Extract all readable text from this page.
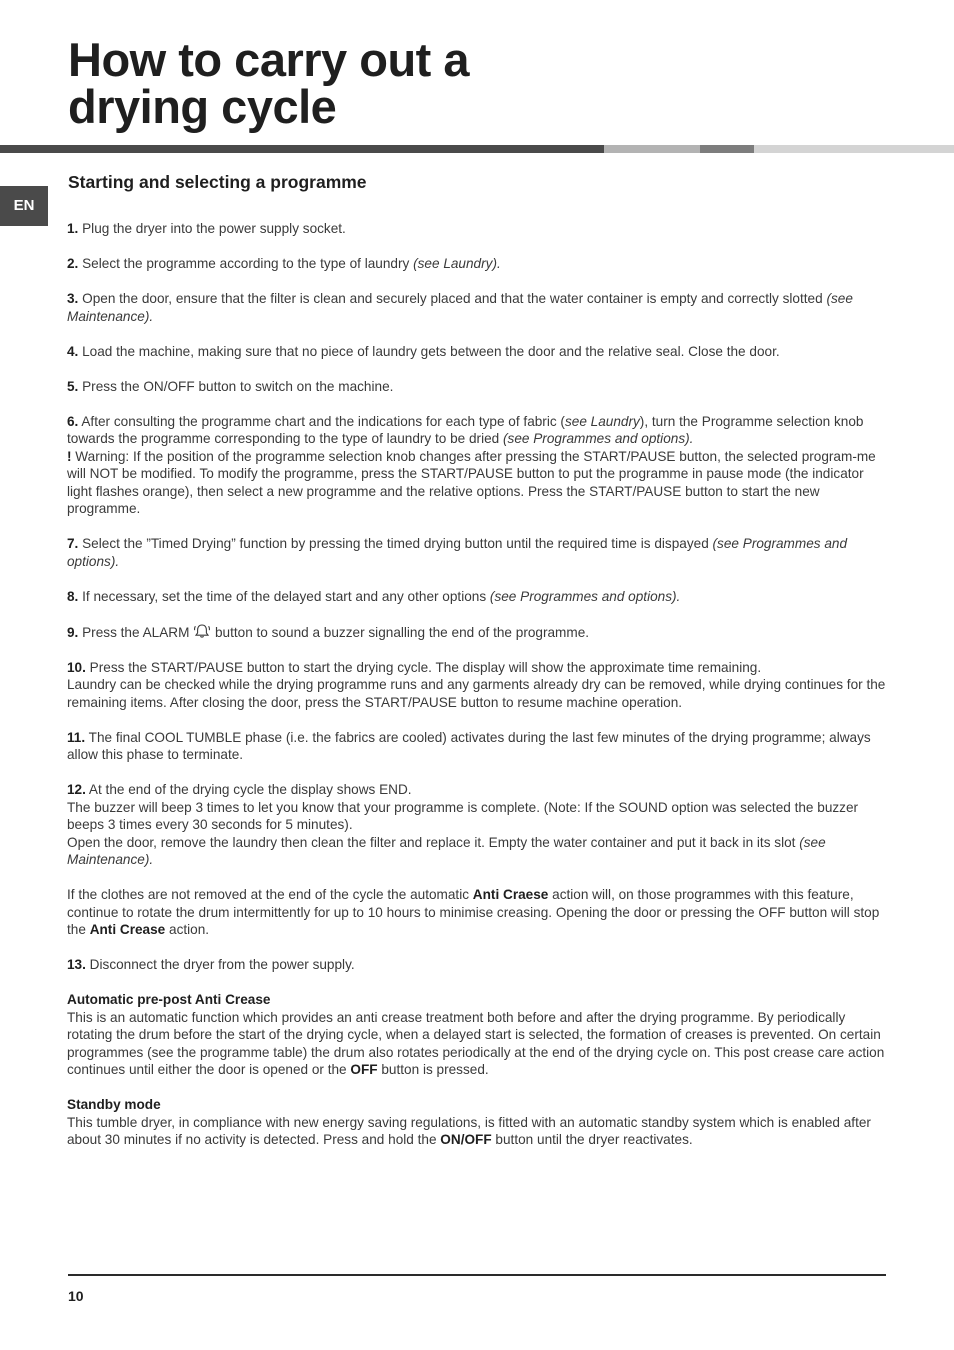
How to carry out a
drying cycle
EN
Starting and selecting a programme

1. Plug the dryer into the power supply socket.

2. Select the programme according to the type of laundry (see Laundry).

3. Open the door, ensure that the filter is clean and securely placed and that the water container is empty and correctly slotted (see Maintenance).

4. Load the machine, making sure that no piece of laundry gets between the door and the relative seal. Close the door.

5. Press the ON/OFF button to switch on the machine.

6. After consulting the programme chart and the indications for each type of fabric (see Laundry), turn the Programme selection knob towards the programme corresponding to the type of laundry to be dried (see Programmes and options).
! Warning: If the position of the programme selection knob changes after pressing the START/PAUSE button, the selected program-me will NOT be modified. To modify the programme, press the START/PAUSE button to put the programme in pause mode (the indicator light flashes orange), then select a new programme and the relative options. Press the START/PAUSE button to start the new programme.

7. Select the ”Timed Drying” function by pressing the timed drying button until the required time is dispayed (see Programmes and options).

8. If necessary, set the time of the delayed start and any other options (see Programmes and options).

9. Press the ALARM  button to sound a buzzer signalling the end of the programme.

10. Press the START/PAUSE button to start the drying cycle. The display will show the approximate time remaining.
Laundry can be checked while the drying programme runs and any garments already dry can be removed, while drying continues for the remaining items. After closing the door, press the START/PAUSE button to resume machine operation.

11. The final COOL TUMBLE phase (i.e. the fabrics are cooled) activates during the last few minutes of the drying programme; always allow this phase to terminate.

12. At the end of the drying cycle the display shows END.
The buzzer will beep 3 times to let you know that your programme is complete. (Note: If the SOUND option was selected the buzzer beeps 3 times every 30 seconds for 5 minutes).
Open the door, remove the laundry then clean the filter and replace it. Empty the water container and put it back in its slot (see Maintenance).

If the clothes are not removed at the end of the cycle the automatic Anti Craese action will, on those programmes with this feature, continue to rotate the drum intermittently for up to 10 hours to minimise creasing. Opening the door or pressing the OFF button will stop the Anti Crease action.

13. Disconnect the dryer from the power supply.

Automatic pre-post Anti Crease

This is an automatic function which provides an anti crease treatment both before and after the drying programme. By periodically rotating the drum before the start of the drying cycle, when a delayed start is selected, the formation of creases is prevented. On certain programmes (see the programme table) the drum also rotates periodically at the end of the drying cycle on. This post crease care action continues until either the door is opened or the OFF button is pressed.

Standby mode

This tumble dryer, in compliance with new energy saving regulations, is fitted with an automatic standby system which is enabled after about 30 minutes if no activity is detected. Press and hold the ON/OFF button until the dryer reactivates.

10
